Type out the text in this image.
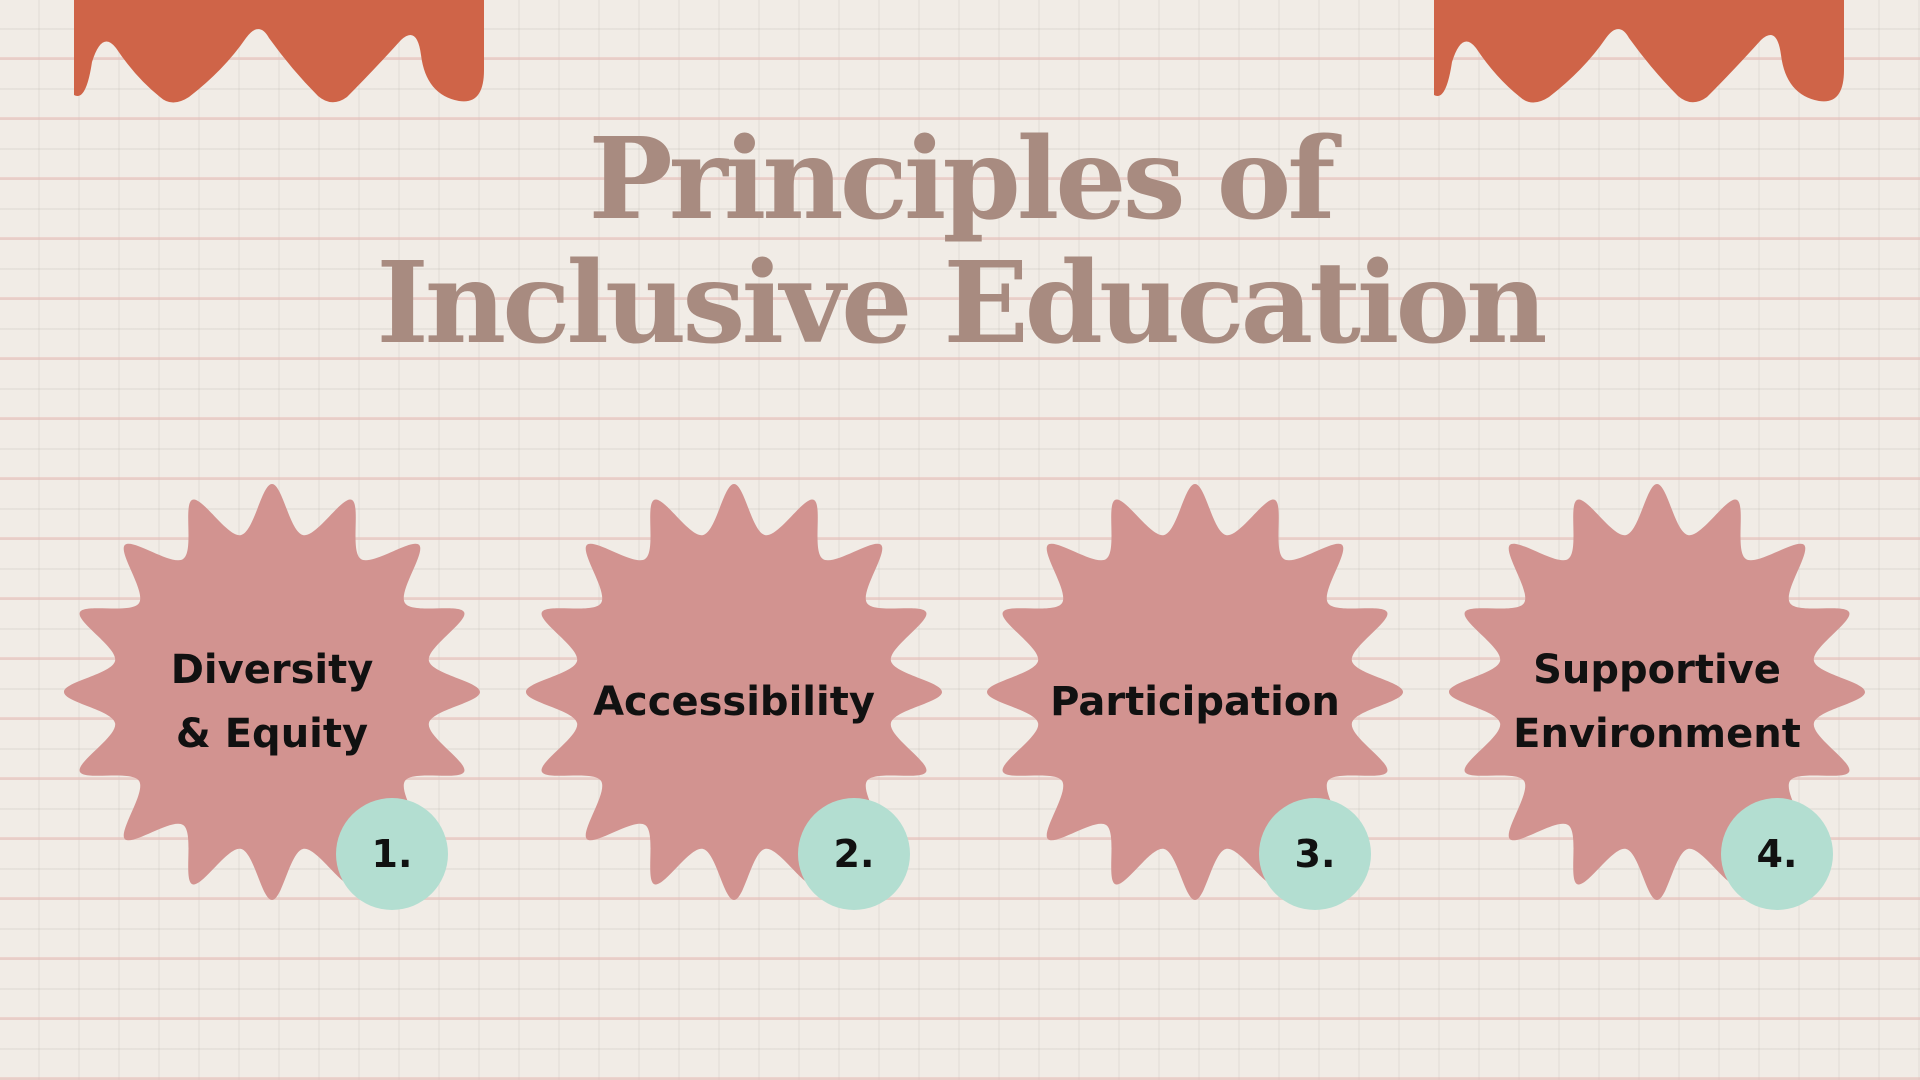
Principles of
Inclusive Education
Diversity
& Equity
1.
Accessibility
2.
Participation
3.
Supportive
Environment
4.
